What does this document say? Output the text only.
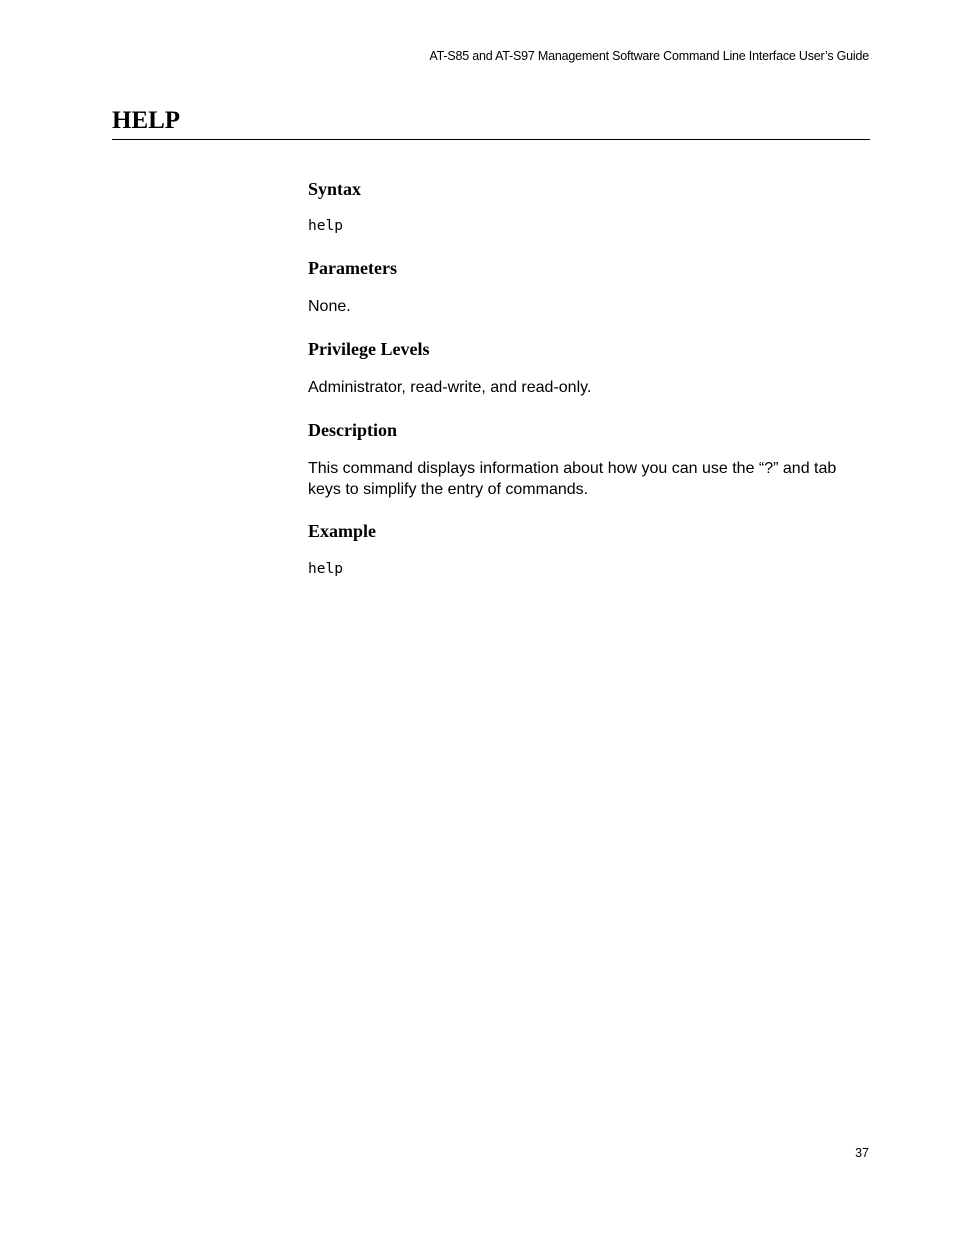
AT-S85 and AT-S97 Management Software Command Line Interface User’s Guide
HELP
Syntax
help
Parameters

None.

Privilege Levels

Administrator, read-write, and read-only.

Description

This command displays information about how you can use the “?” and tab keys to simplify the entry of commands.

Example
help
37
